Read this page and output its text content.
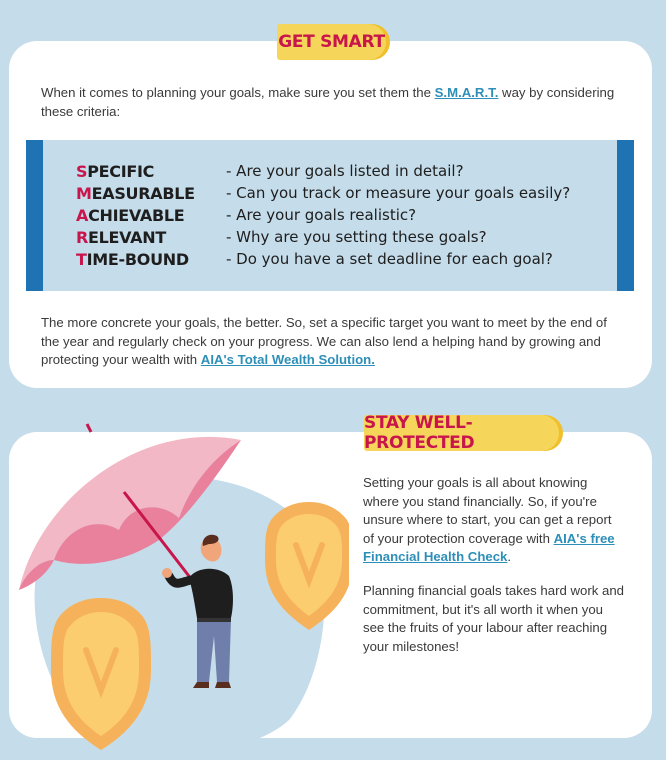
GET SMART
When it comes to planning your goals, make sure you set them the S.M.A.R.T. way by considering these criteria:
SPECIFIC	- Are your goals listed in detail?
MEASURABLE	- Can you track or measure your goals easily?
ACHIEVABLE	- Are your goals realistic?
RELEVANT	- Why are you setting these goals?
TIME-BOUND	- Do you have a set deadline for each goal?
The more concrete your goals, the better. So, set a specific target you want to meet by the end of the year and regularly check on your progress. We can also lend a helping hand by growing and protecting your wealth with AIA's Total Wealth Solution.
STAY WELL-PROTECTED
Setting your goals is all about knowing where you stand financially. So, if you're unsure where to start, you can get a report of your protection coverage with AIA's free Financial Health Check.
Planning financial goals takes hard work and commitment, but it's all worth it when you see the fruits of your labour after reaching your milestones!
